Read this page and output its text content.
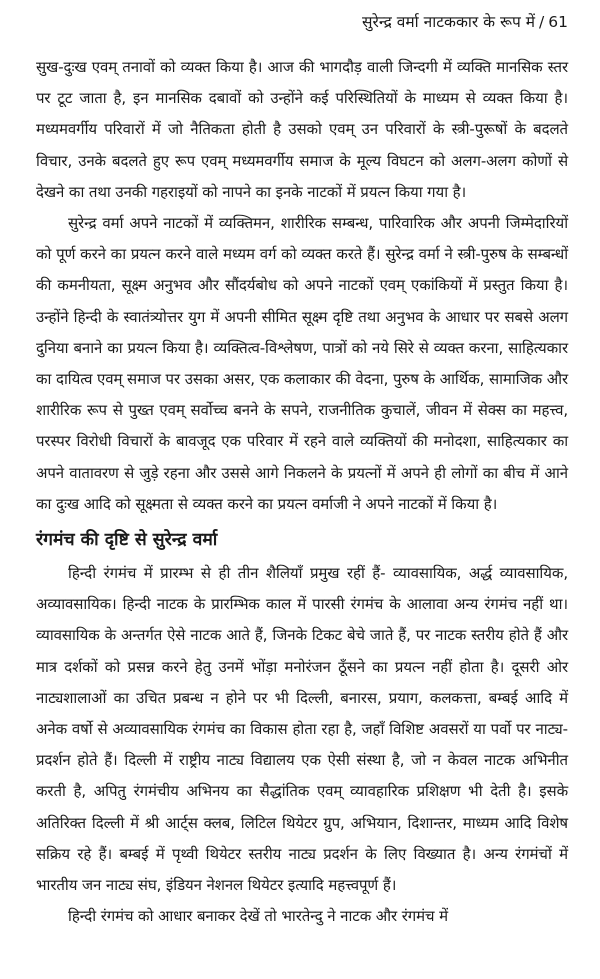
सुरेन्द्र वर्मा नाटककार के रूप में / 61

सुख-दुःख एवम् तनावों को व्यक्त किया है। आज की भागदौड़ वाली जिन्दगी में व्यक्ति मानसिक स्तर पर टूट जाता है, इन मानसिक दबावों को उन्होंने कई परिस्थितियों के माध्यम से व्यक्त किया है। मध्यमवर्गीय परिवारों में जो नैतिकता होती है उसको एवम् उन परिवारों के स्त्री-पुरूषों के बदलते विचार, उनके बदलते हुए रूप एवम् मध्यमवर्गीय समाज के मूल्य विघटन को अलग-अलग कोणों से देखने का तथा उनकी गहराइयों को नापने का इनके नाटकों में प्रयत्न किया गया है।

सुरेन्द्र वर्मा अपने नाटकों में व्यक्तिमन, शारीरिक सम्बन्ध, पारिवारिक और अपनी जिम्मेदारियों को पूर्ण करने का प्रयत्न करने वाले मध्यम वर्ग को व्यक्त करते हैं। सुरेन्द्र वर्मा ने स्त्री-पुरुष के सम्बन्धों की कमनीयता, सूक्ष्म अनुभव और सौंदर्यबोध को अपने नाटकों एवम् एकांकियों में प्रस्तुत किया है। उन्होंने हिन्दी के स्वातंत्र्योत्तर युग में अपनी सीमित सूक्ष्म दृष्टि तथा अनुभव के आधार पर सबसे अलग दुनिया बनाने का प्रयत्न किया है। व्यक्तित्व-विश्लेषण, पात्रों को नये सिरे से व्यक्त करना, साहित्यकार का दायित्व एवम् समाज पर उसका असर, एक कलाकार की वेदना, पुरुष के आर्थिक, सामाजिक और शारीरिक रूप से पुख्त एवम् सर्वोच्च बनने के सपने, राजनीतिक कुचालें, जीवन में सेक्स का महत्त्व, परस्पर विरोधी विचारों के बावजूद एक परिवार में रहने वाले व्यक्तियों की मनोदशा, साहित्यकार का अपने वातावरण से जुड़े रहना और उससे आगे निकलने के प्रयत्नों में अपने ही लोगों का बीच में आने का दुःख आदि को सूक्ष्मता से व्यक्त करने का प्रयत्न वर्माजी ने अपने नाटकों में किया है।

रंगमंच की दृष्टि से सुरेन्द्र वर्मा

हिन्दी रंगमंच में प्रारम्भ से ही तीन शैलियाँ प्रमुख रहीं हैं- व्यावसायिक, अर्द्ध व्यावसायिक, अव्यावसायिक। हिन्दी नाटक के प्रारम्भिक काल में पारसी रंगमंच के आलावा अन्य रंगमंच नहीं था। व्यावसायिक के अन्तर्गत ऐसे नाटक आते हैं, जिनके टिकट बेचे जाते हैं, पर नाटक स्तरीय होते हैं और मात्र दर्शकों को प्रसन्न करने हेतु उनमें भोंड़ा मनोरंजन ठूँसने का प्रयत्न नहीं होता है। दूसरी ओर नाट्यशालाओं का उचित प्रबन्ध न होने पर भी दिल्ली, बनारस, प्रयाग, कलकत्ता, बम्बई आदि में अनेक वर्षो से अव्यावसायिक रंगमंच का विकास होता रहा है, जहाँ विशिष्ट अवसरों या पर्वो पर नाट्य-प्रदर्शन होते हैं। दिल्ली में राष्ट्रीय नाट्य विद्यालय एक ऐसी संस्था है, जो न केवल नाटक अभिनीत करती है, अपितु रंगमंचीय अभिनय का सैद्धांतिक एवम् व्यावहारिक प्रशिक्षण भी देती है। इसके अतिरिक्त दिल्ली में श्री आर्ट्स क्लब, लिटिल थियेटर ग्रुप, अभियान, दिशान्तर, माध्यम आदि विशेष सक्रिय रहे हैं। बम्बई में पृथ्वी थियेटर स्तरीय नाट्य प्रदर्शन के लिए विख्यात है। अन्य रंगमंचों में भारतीय जन नाट्य संघ, इंडियन नेशनल थियेटर इत्यादि महत्त्वपूर्ण हैं।

हिन्दी रंगमंच को आधार बनाकर देखें तो भारतेन्दु ने नाटक और रंगमंच में
